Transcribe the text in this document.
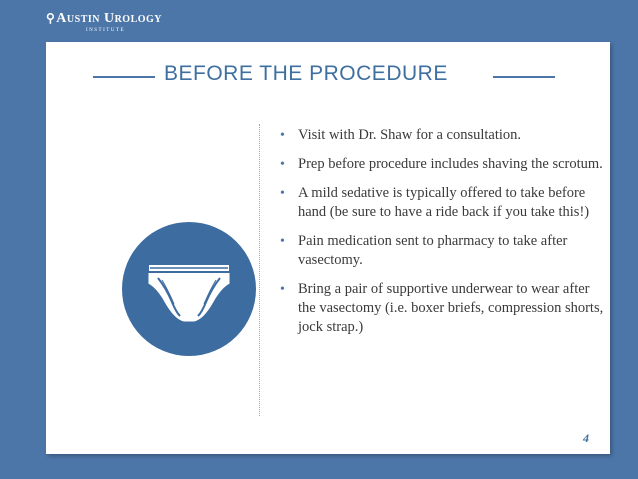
⚲Austin Urology
INSTITUTE
BEFORE THE PROCEDURE
• Visit with Dr. Shaw for a consultation.
• Prep before procedure includes shaving the scrotum.
• A mild sedative is typically offered to take before hand (be sure to have a ride back if you take this!)
• Pain medication sent to pharmacy to take after vasectomy.
• Bring a pair of supportive underwear to wear after the vasectomy (i.e. boxer briefs, compression shorts, jock strap.)
4
